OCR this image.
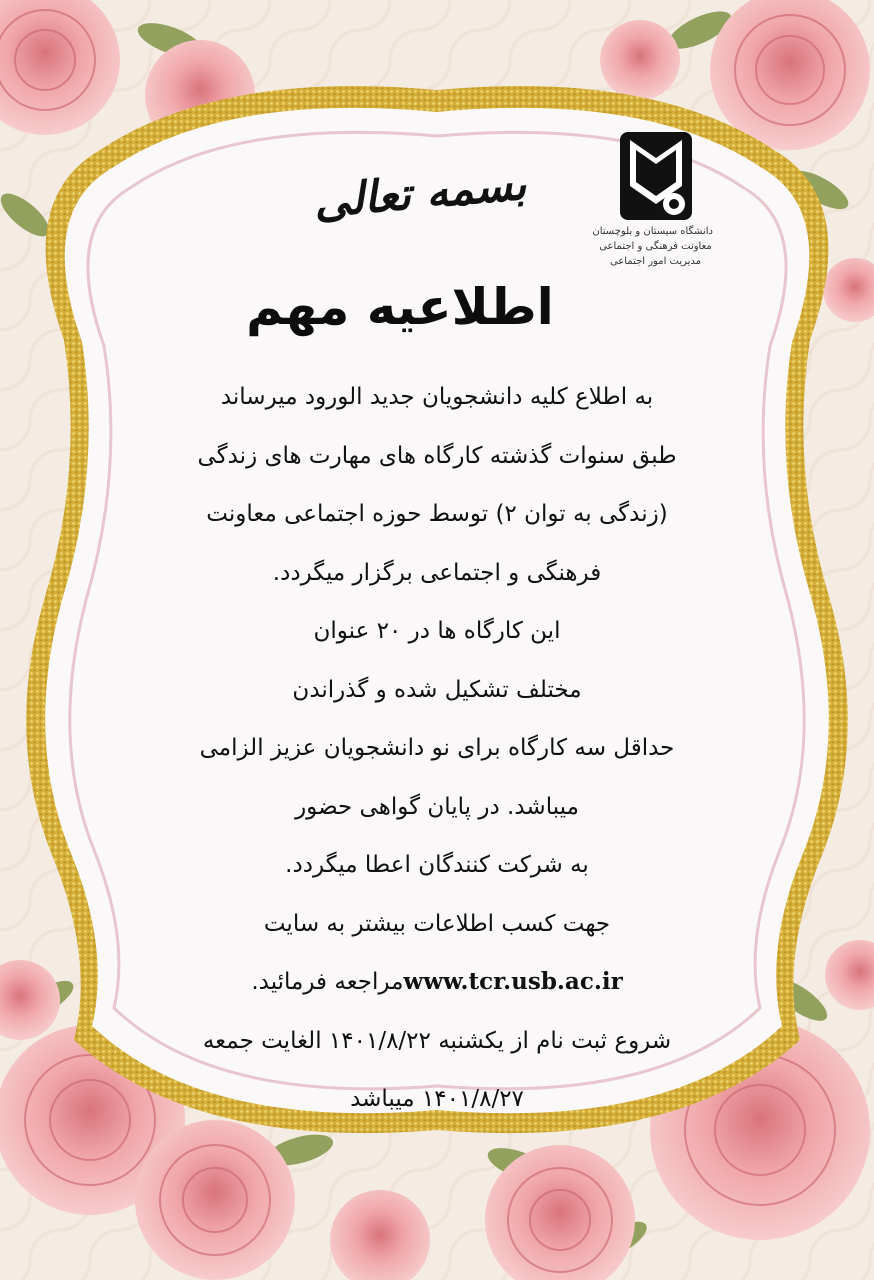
دانشگاه سیستان و بلوچستان
معاونت فرهنگی و اجتماعی
مدیریت امور اجتماعی
بسمه تعالی
اطلاعیه مهم
به اطلاع کلیه دانشجویان جدید الورود میرساند
طبق سنوات گذشته کارگاه های مهارت های زندگی
(زندگی به توان ۲) توسط حوزه اجتماعی معاونت
فرهنگی و اجتماعی برگزار میگردد.
این کارگاه ها در ۲۰ عنوان
مختلف تشکیل شده و گذراندن
حداقل سه کارگاه برای نو دانشجویان عزیز الزامی
میباشد. در پایان گواهی حضور
به شرکت کنندگان اعطا میگردد.
جهت کسب اطلاعات بیشتر به سایت
www.tcr.usb.ac.irمراجعه فرمائید.
شروع ثبت نام از یکشنبه ۱۴۰۱/۸/۲۲ الغایت جمعه
۱۴۰۱/۸/۲۷ میباشد
